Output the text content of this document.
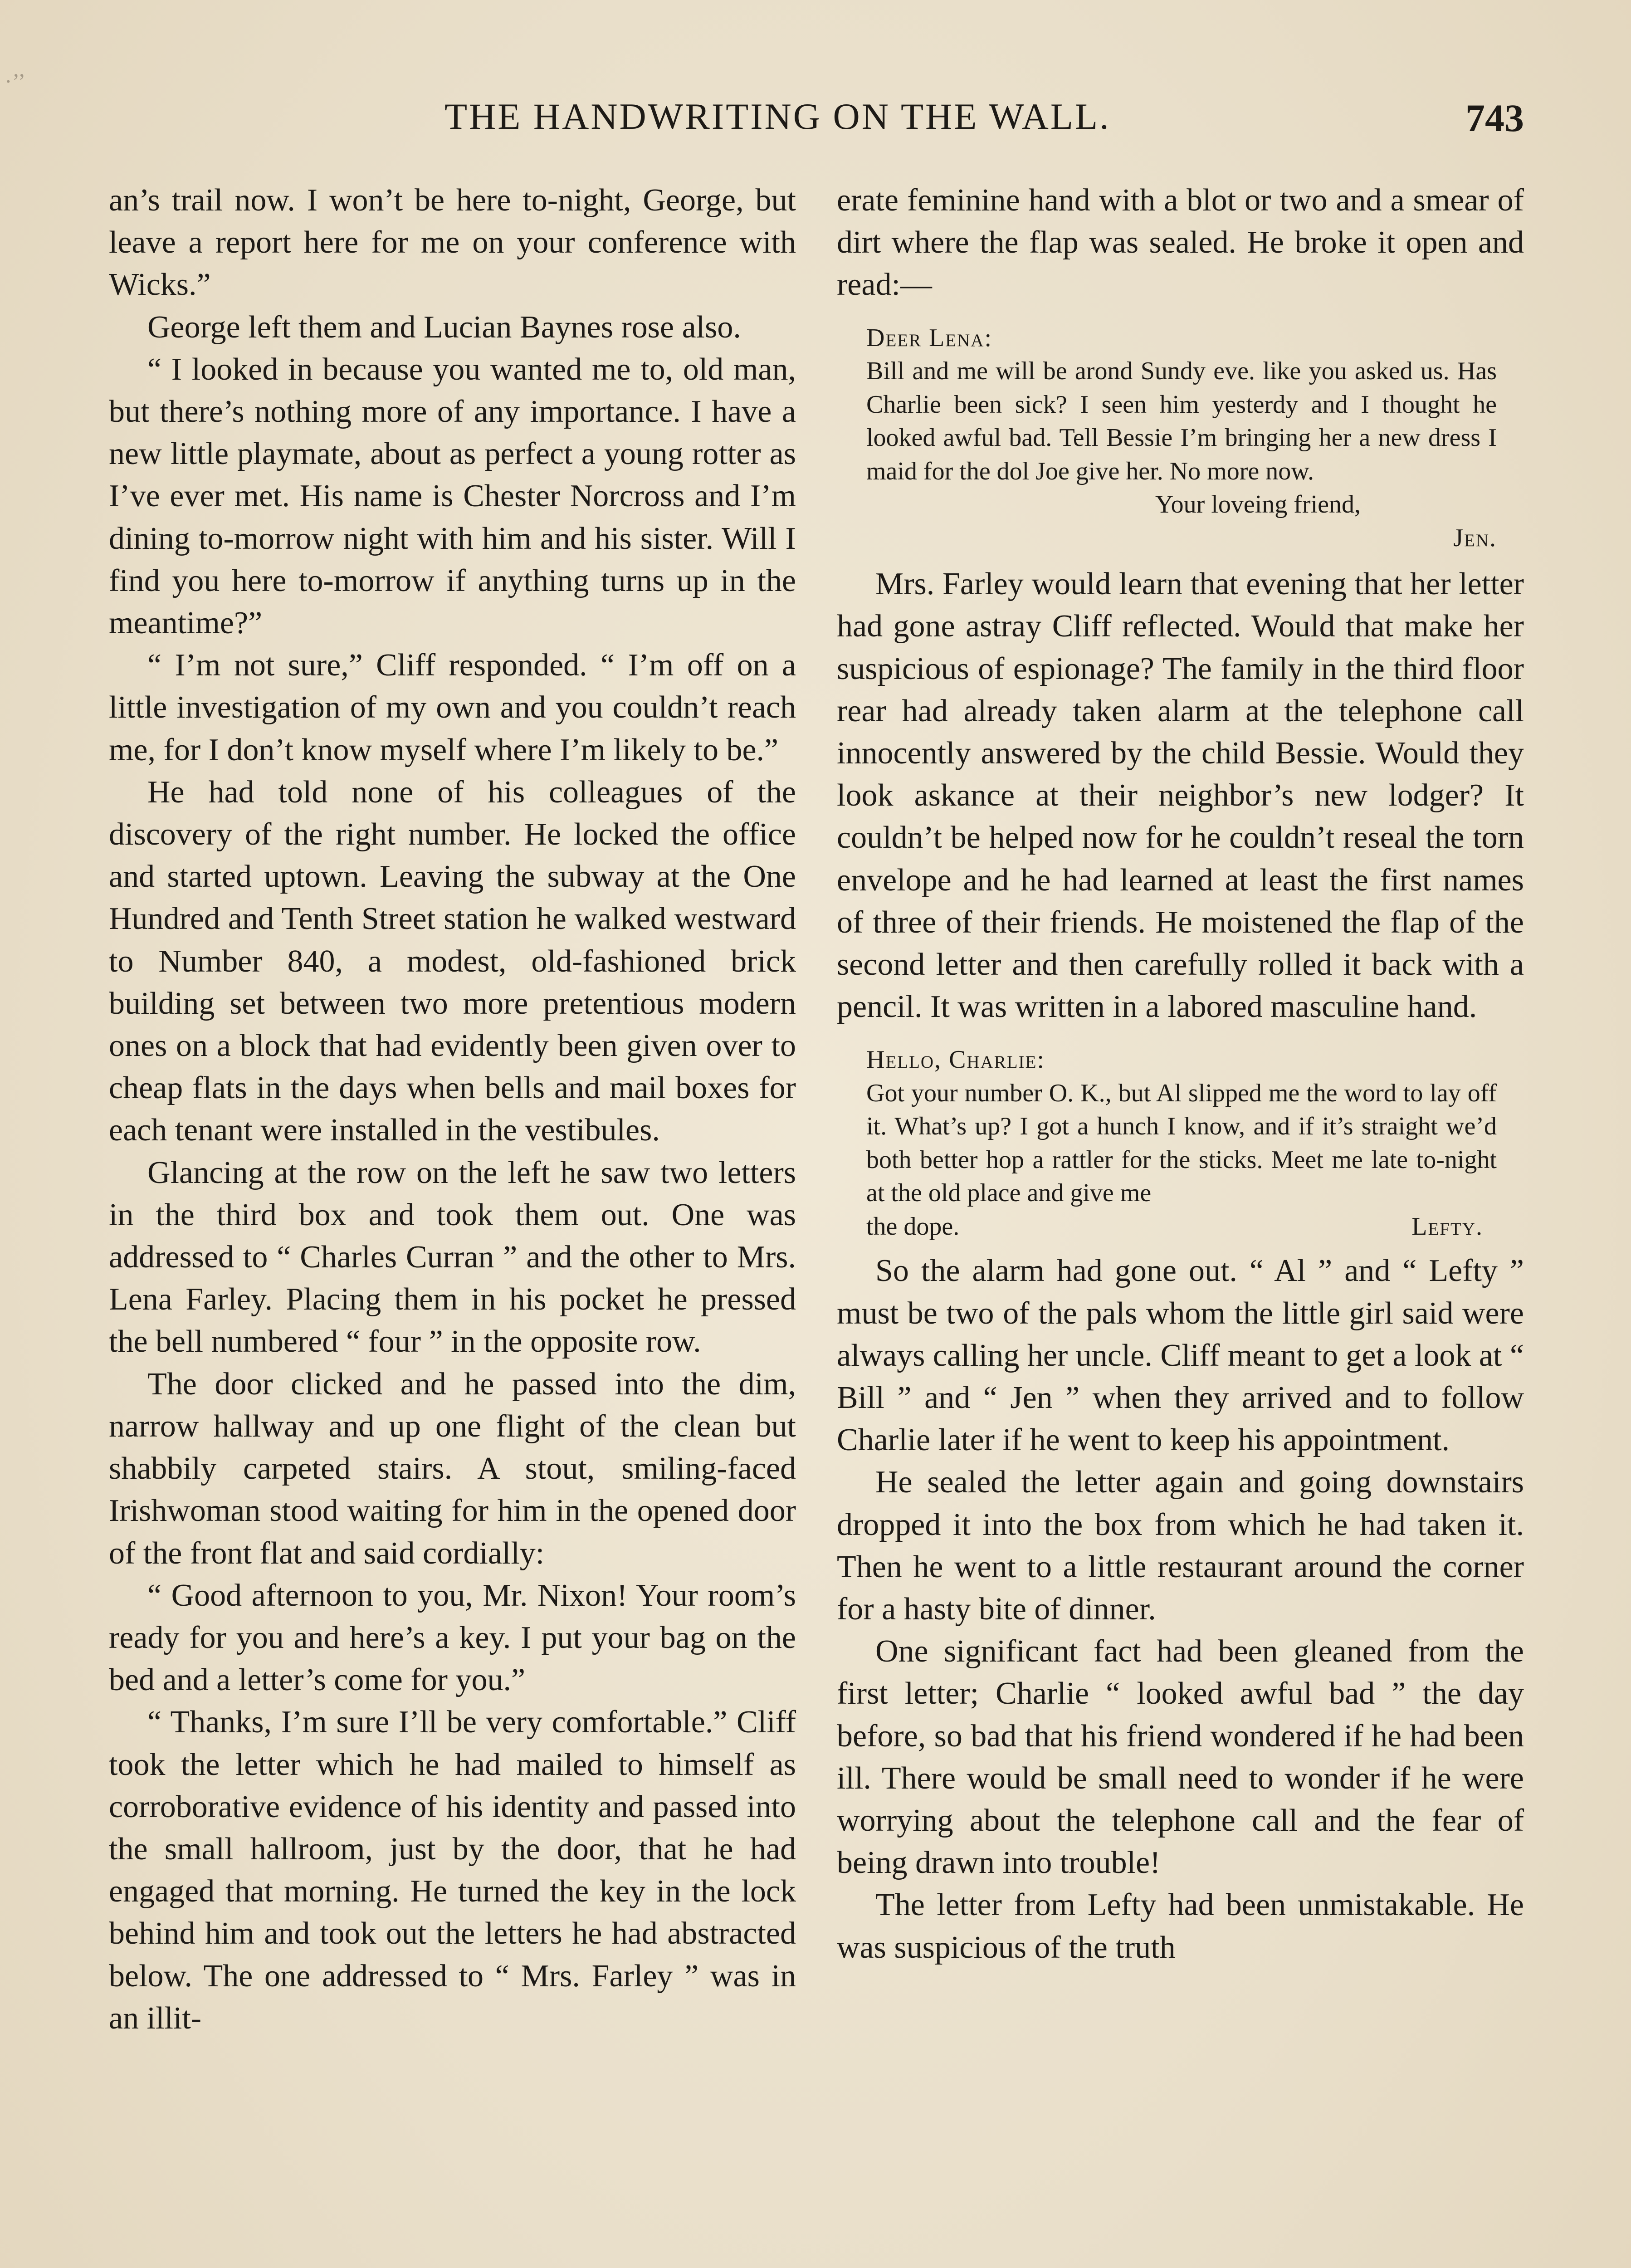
·’’
THE HANDWRITING ON THE WALL.	743

an’s trail now. I won’t be here to-night, George, but leave a report here for me on your conference with Wicks.”

George left them and Lucian Baynes rose also.

“ I looked in because you wanted me to, old man, but there’s nothing more of any importance. I have a new little playmate, about as perfect a young rotter as I’ve ever met. His name is Chester Norcross and I’m dining to-morrow night with him and his sister. Will I find you here to-morrow if anything turns up in the meantime?”

“ I’m not sure,” Cliff responded. “ I’m off on a little investigation of my own and you couldn’t reach me, for I don’t know myself where I’m likely to be.”

He had told none of his colleagues of the discovery of the right number. He locked the office and started uptown. Leaving the subway at the One Hundred and Tenth Street station he walked westward to Number 840, a modest, old-fashioned brick building set between two more pretentious modern ones on a block that had evidently been given over to cheap flats in the days when bells and mail boxes for each tenant were installed in the vestibules.

Glancing at the row on the left he saw two letters in the third box and took them out. One was addressed to “ Charles Curran ” and the other to Mrs. Lena Farley. Placing them in his pocket he pressed the bell numbered “ four ” in the opposite row.

The door clicked and he passed into the dim, narrow hallway and up one flight of the clean but shabbily carpeted stairs. A stout, smiling-faced Irishwoman stood waiting for him in the opened door of the front flat and said cordially:

“ Good afternoon to you, Mr. Nixon! Your room’s ready for you and here’s a key. I put your bag on the bed and a letter’s come for you.”

“ Thanks, I’m sure I’ll be very comfortable.” Cliff took the letter which he had mailed to himself as corroborative evidence of his identity and passed into the small hallroom, just by the door, that he had engaged that morning. He turned the key in the lock behind him and took out the letters he had abstracted below. The one addressed to “ Mrs. Farley ” was in an illit-

erate feminine hand with a blot or two and a smear of dirt where the flap was sealed. He broke it open and read:—

Deer Lena:

Bill and me will be arond Sundy eve. like you asked us. Has Charlie been sick? I seen him yesterdy and I thought he looked awful bad. Tell Bessie I’m bringing her a new dress I maid for the dol Joe give her. No more now.

Your loveing friend,

Jen.

Mrs. Farley would learn that evening that her letter had gone astray Cliff reflected. Would that make her suspicious of espionage? The family in the third floor rear had already taken alarm at the telephone call innocently answered by the child Bessie. Would they look askance at their neighbor’s new lodger? It couldn’t be helped now for he couldn’t reseal the torn envelope and he had learned at least the first names of three of their friends. He moistened the flap of the second letter and then carefully rolled it back with a pencil. It was written in a labored masculine hand.

Hello, Charlie:

Got your number O. K., but Al slipped me the word to lay off it. What’s up? I got a hunch I know, and if it’s straight we’d both better hop a rattler for the sticks. Meet me late to-night at the old place and give me

the dope.	Lefty.

So the alarm had gone out. “ Al ” and “ Lefty ” must be two of the pals whom the little girl said were always calling her uncle. Cliff meant to get a look at “ Bill ” and “ Jen ” when they arrived and to follow Charlie later if he went to keep his appointment.

He sealed the letter again and going downstairs dropped it into the box from which he had taken it. Then he went to a little restaurant around the corner for a hasty bite of dinner.

One significant fact had been gleaned from the first letter; Charlie “ looked awful bad ” the day before, so bad that his friend wondered if he had been ill. There would be small need to wonder if he were worrying about the telephone call and the fear of being drawn into trouble!

The letter from Lefty had been unmistakable. He was suspicious of the truth
